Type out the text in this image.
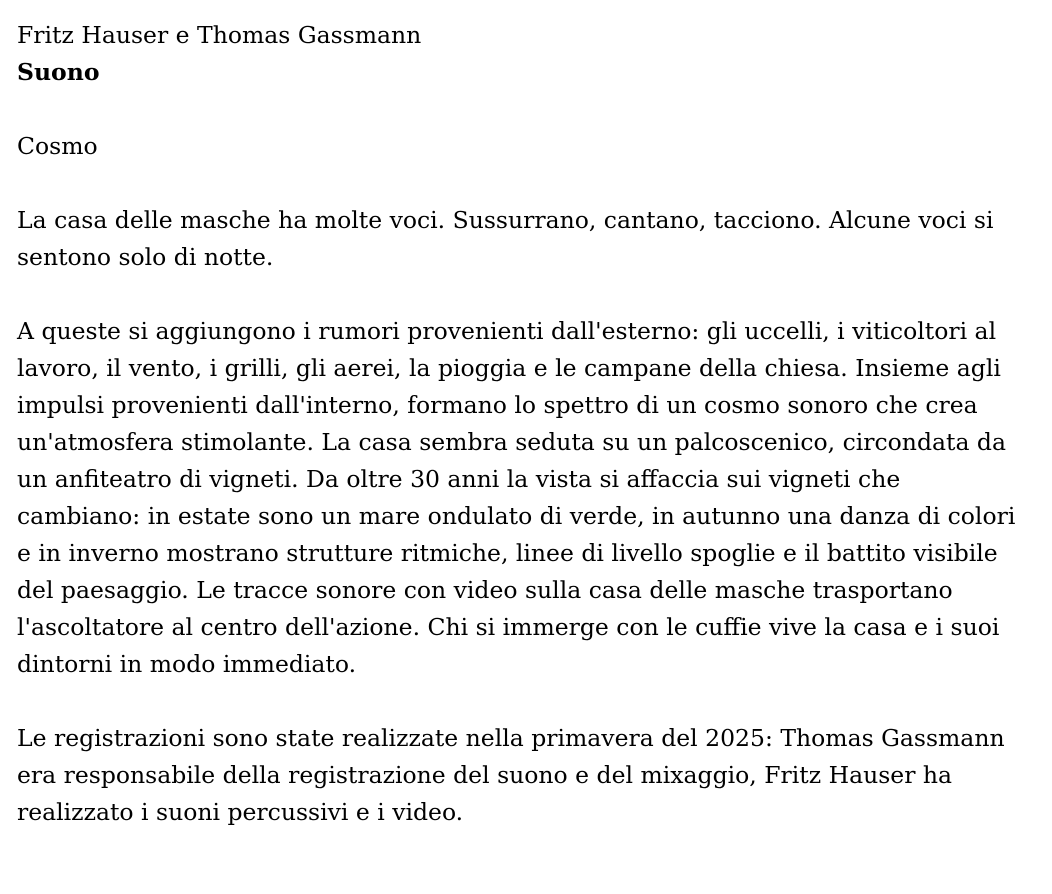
Fritz Hauser e Thomas Gassmann

Suono

Cosmo

La casa delle masche ha molte voci. Sussurrano, cantano, tacciono. Alcune voci si sentono solo di notte.

A queste si aggiungono i rumori provenienti dall'esterno: gli uccelli, i viticoltori al lavoro, il vento, i grilli, gli aerei, la pioggia e le campane della chiesa. Insieme agli impulsi provenienti dall'interno, formano lo spettro di un cosmo sonoro che crea un'atmosfera stimolante. La casa sembra seduta su un palcoscenico, circondata da un anfiteatro di vigneti. Da oltre 30 anni la vista si affaccia sui vigneti che cambiano: in estate sono un mare ondulato di verde, in autunno una danza di colori e in inverno mostrano strutture ritmiche, linee di livello spoglie e il battito visibile del paesaggio. Le tracce sonore con video sulla casa delle masche trasportano l'ascoltatore al centro dell'azione. Chi si immerge con le cuffie vive la casa e i suoi dintorni in modo immediato.

Le registrazioni sono state realizzate nella primavera del 2025: Thomas Gassmann era responsabile della registrazione del suono e del mixaggio, Fritz Hauser ha realizzato i suoni percussivi e i video.
